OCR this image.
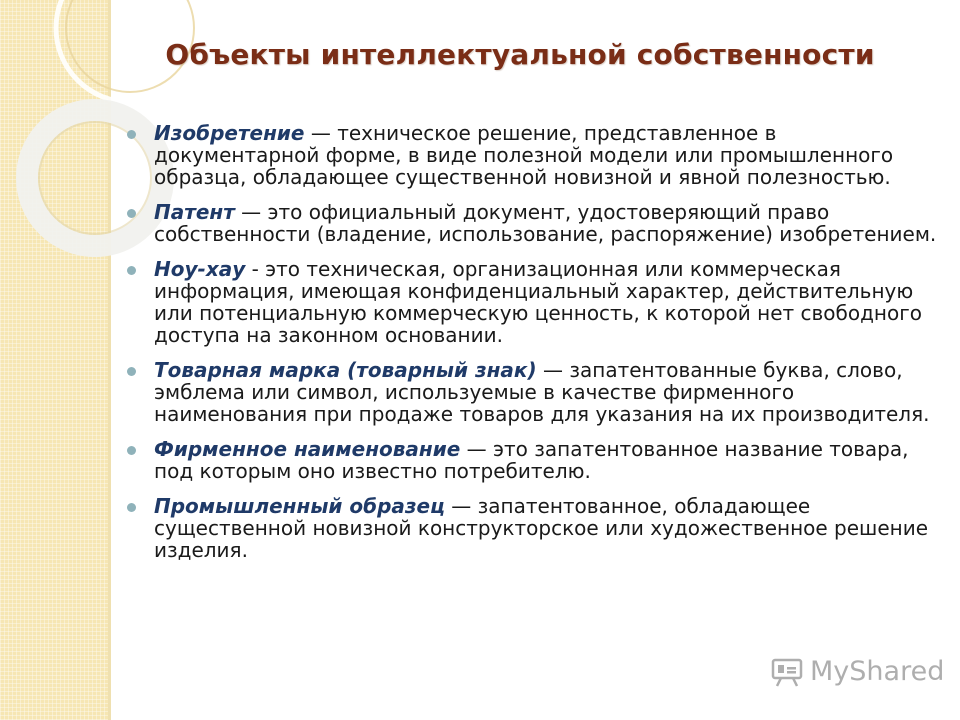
Объекты интеллектуальной собственности
Изобретение — техническое решение, представленное в документарной форме, в виде полезной модели или промышленного образца, обладающее существенной новизной и явной полезностью.
Патент — это официальный документ, удостоверяющий право собственности (владение, использование, распоряжение) изобретением.
Ноу-хау - это техническая, организационная или коммерческая информация, имеющая конфиденциальный характер, действительную или потенциальную коммерческую ценность, к которой нет свободного доступа на законном основании.
Товарная марка (товарный знак) — запатентованные буква, слово, эмблема или символ, используемые в качестве фирменного наименования при продаже товаров для указания на их производителя.
Фирменное наименование — это запатентованное название товара, под которым оно известно потребителю.
Промышленный образец — запатентованное, обладающее существенной новизной конструкторское или художественное решение изделия.
MyShared
